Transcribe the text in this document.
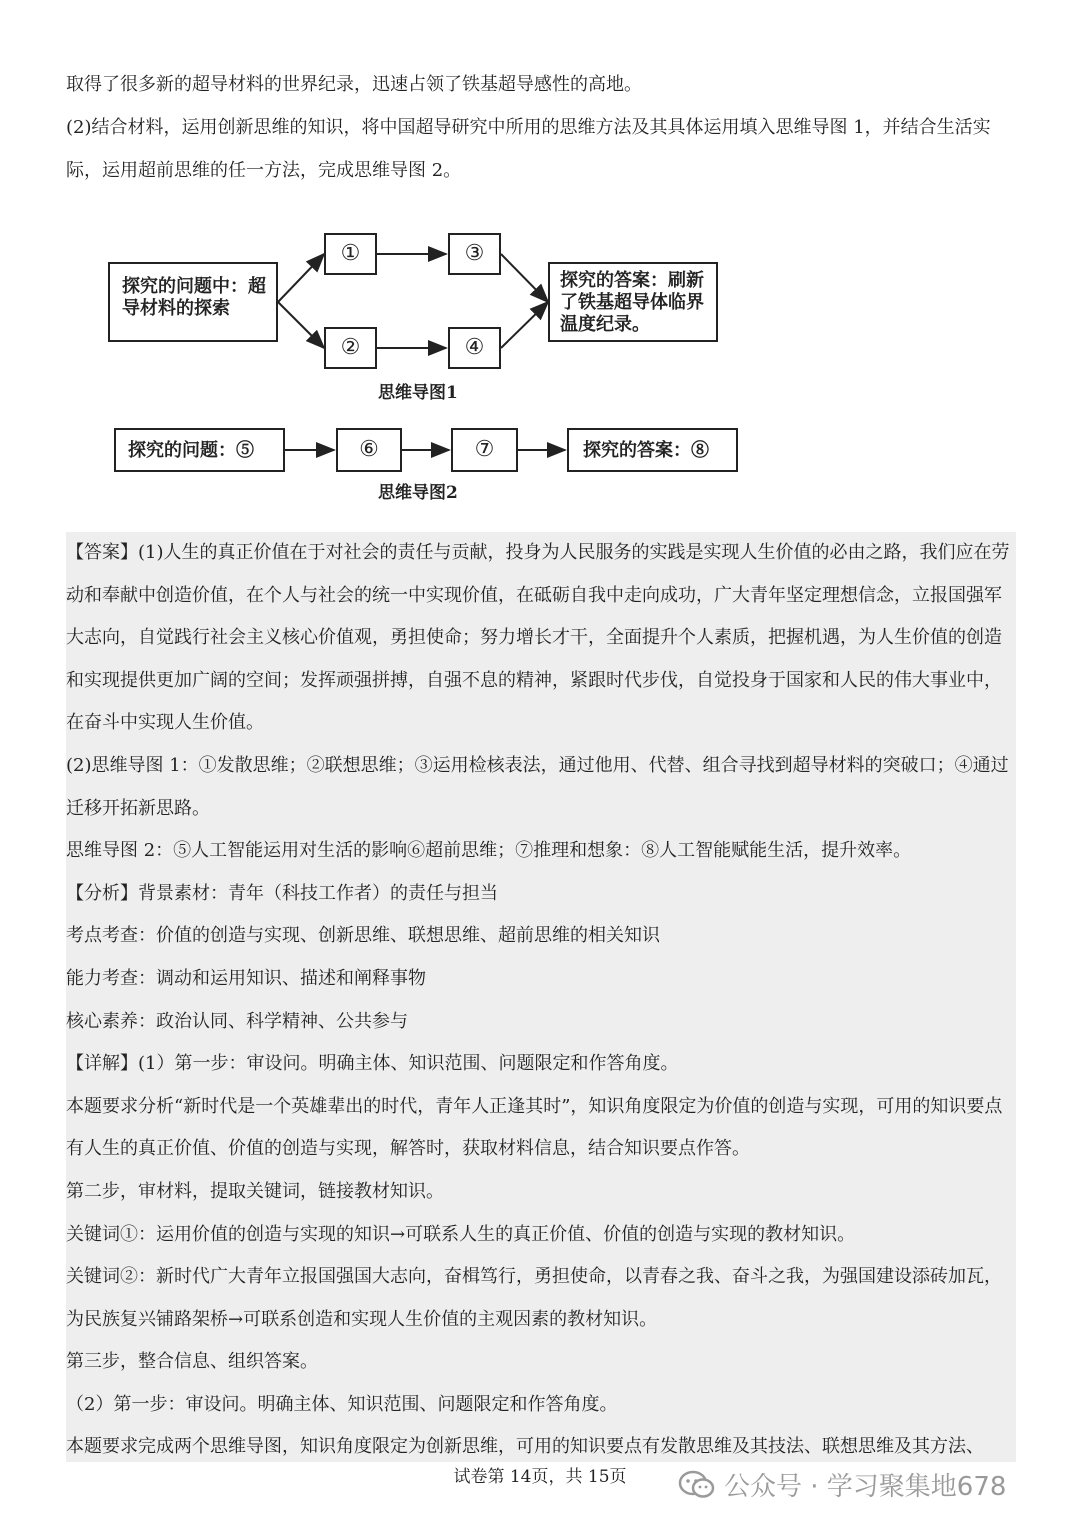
取得了很多新的超导材料的世界纪录，迅速占领了铁基超导感性的高地。

(2)结合材料，运用创新思维的知识，将中国超导研究中所用的思维方法及其具体运用填入思维导图 1，并结合生活实际，运用超前思维的任一方法，完成思维导图 2。

探究的问题中：超导材料的探索
①
②
③
④
探究的答案：刷新了铁基超导体临界温度纪录。
思维导图1
探究的问题：⑤	⑥	⑦	探究的答案：⑧
思维导图2

【答案】(1)人生的真正价值在于对社会的责任与贡献，投身为人民服务的实践是实现人生价值的必由之路，我们应在劳动和奉献中创造价值，在个人与社会的统一中实现价值，在砥砺自我中走向成功，广大青年坚定理想信念，立报国强军大志向，自觉践行社会主义核心价值观，勇担使命；努力增长才干，全面提升个人素质，把握机遇，为人生价值的创造和实现提供更加广阔的空间；发挥顽强拼搏，自强不息的精神，紧跟时代步伐，自觉投身于国家和人民的伟大事业中，在奋斗中实现人生价值。

(2)思维导图 1：①发散思维；②联想思维；③运用检核表法，通过他用、代替、组合寻找到超导材料的突破口；④通过迁移开拓新思路。

思维导图 2：⑤人工智能运用对生活的影响⑥超前思维；⑦推理和想象：⑧人工智能赋能生活，提升效率。

【分析】背景素材：青年（科技工作者）的责任与担当

考点考查：价值的创造与实现、创新思维、联想思维、超前思维的相关知识

能力考查：调动和运用知识、描述和阐释事物

核心素养：政治认同、科学精神、公共参与

【详解】(1）第一步：审设问。明确主体、知识范围、问题限定和作答角度。

本题要求分析“新时代是一个英雄辈出的时代，青年人正逢其时”，知识角度限定为价值的创造与实现，可用的知识要点有人生的真正价值、价值的创造与实现，解答时，获取材料信息，结合知识要点作答。

第二步，审材料，提取关键词，链接教材知识。

关键词①：运用价值的创造与实现的知识→可联系人生的真正价值、价值的创造与实现的教材知识。

关键词②：新时代广大青年立报国强国大志向，奋楫笃行，勇担使命，以青春之我、奋斗之我，为强国建设添砖加瓦，为民族复兴铺路架桥→可联系创造和实现人生价值的主观因素的教材知识。

第三步，整合信息、组织答案。

（2）第一步：审设问。明确主体、知识范围、问题限定和作答角度。

本题要求完成两个思维导图，知识角度限定为创新思维，可用的知识要点有发散思维及其技法、联想思维及其方法、

试卷第 14页，共 15页	公众号 · 学习聚集地678
